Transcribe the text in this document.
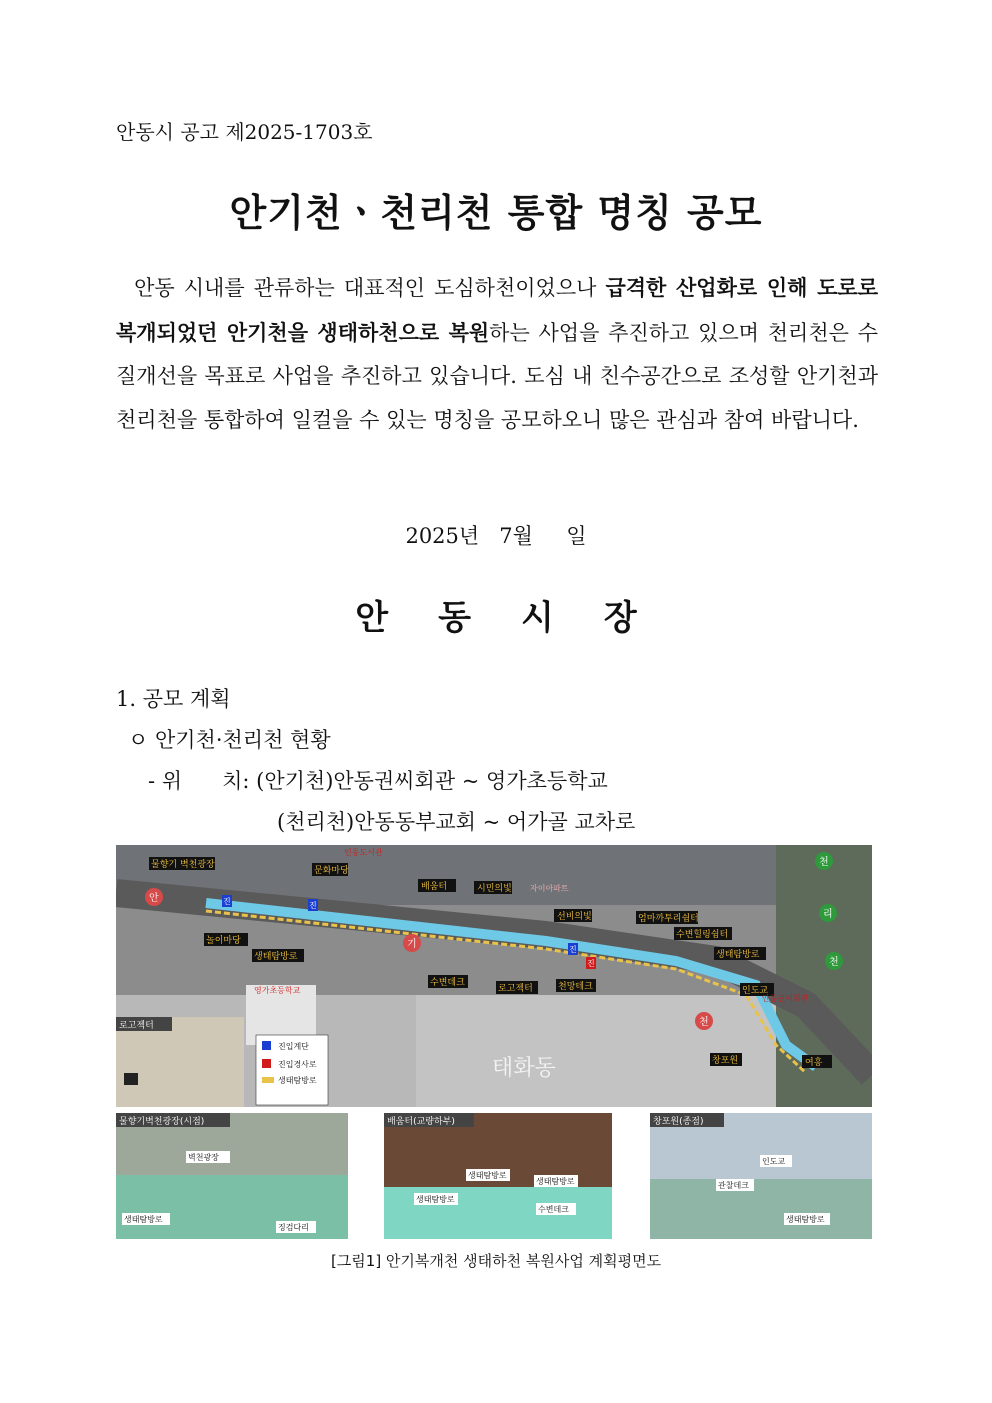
안동시 공고 제2025-1703호
안기천ㆍ천리천 통합 명칭 공모
안동 시내를 관류하는 대표적인 도심하천이었으나 급격한 산업화로 인해 도로로 복개되었던 안기천을 생태하천으로 복원하는 사업을 추진하고 있으며 천리천은 수질개선을 목표로 사업을 추진하고 있습니다. 도심 내 친수공간으로 조성할 안기천과 천리천을 통합하여 일컬을 수 있는 명칭을 공모하오니 많은 관심과 참여 바랍니다.
2025년   7월     일
안동시장
1. 공모 계획
ㅇ 안기천·천리천 현황
- 위      치: (안기천)안동권씨회관 ~ 영가초등학교
(천리천)안동동부교회 ~ 어가골 교차로
물향기 벽천광장
문화마당
인동도서관
배움터	시민의빛 자이아파트
선비의빛	엄마까투리쉼터
수변힐링쉼터
생태탐방로
놀이마당
생태탐방로
수변데크
로고젝터	천망테크	인도교
안동권씨회관
창포원	여흥
영가초등학교
태화동
안
기
천
천
리
천
진	진
진
진
로고젝터
진입계단
진입경사로
생태탐방로
물향기벽천광장(시점)
벽천광장
생태탐방로
징검다리
배움터(교량하부)
생태탐방로
생태탐방로
생태탐방로
수변데크
창포원(종점)
인도교
관찰데크
생태탐방로
[그림1] 안기복개천 생태하천 복원사업 계획평면도
